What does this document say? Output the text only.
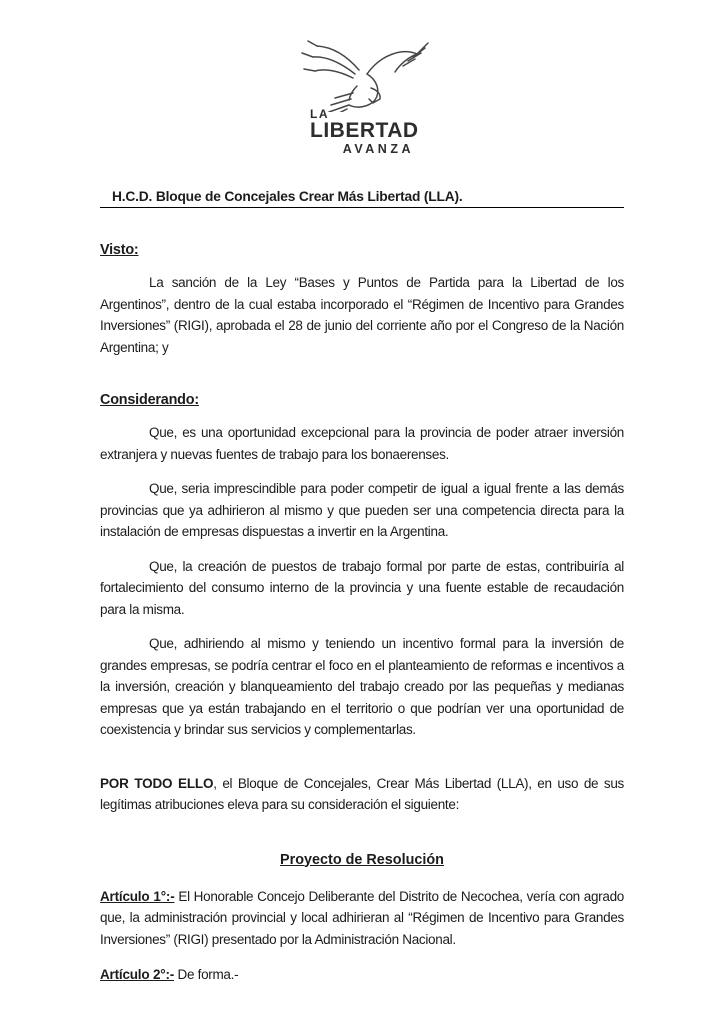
LA
LIBERTAD
AVANZA
H.C.D. Bloque de Concejales Crear Más Libertad (LLA).
Visto:

La sanción de la Ley “Bases y Puntos de Partida para la Libertad de los Argentinos”, dentro de la cual estaba incorporado el “Régimen de Incentivo para Grandes Inversiones” (RIGI), aprobada el 28 de junio del corriente año por el Congreso de la Nación Argentina; y

Considerando:

Que, es una oportunidad excepcional para la provincia de poder atraer inversión extranjera y nuevas fuentes de trabajo para los bonaerenses.

Que, seria imprescindible para poder competir de igual a igual frente a las demás provincias que ya adhirieron al mismo y que pueden ser una competencia directa para la instalación de empresas dispuestas a invertir en la Argentina.

Que, la creación de puestos de trabajo formal por parte de estas, contribuiría al fortalecimiento del consumo interno de la provincia y una fuente estable de recaudación para la misma.

Que, adhiriendo al mismo y teniendo un incentivo formal para la inversión de grandes empresas, se podría centrar el foco en el planteamiento de reformas e incentivos a la inversión, creación y blanqueamiento del trabajo creado por las pequeñas y medianas empresas que ya están trabajando en el territorio o que podrían ver una oportunidad de coexistencia y brindar sus servicios y complementarlas.

POR TODO ELLO, el Bloque de Concejales, Crear Más Libertad (LLA), en uso de sus legítimas atribuciones eleva para su consideración el siguiente:

Proyecto de Resolución

Artículo 1°:- El Honorable Concejo Deliberante del Distrito de Necochea, vería con agrado que, la administración provincial y local adhirieran al “Régimen de Incentivo para Grandes Inversiones” (RIGI) presentado por la Administración Nacional.

Artículo 2°:- De forma.-
